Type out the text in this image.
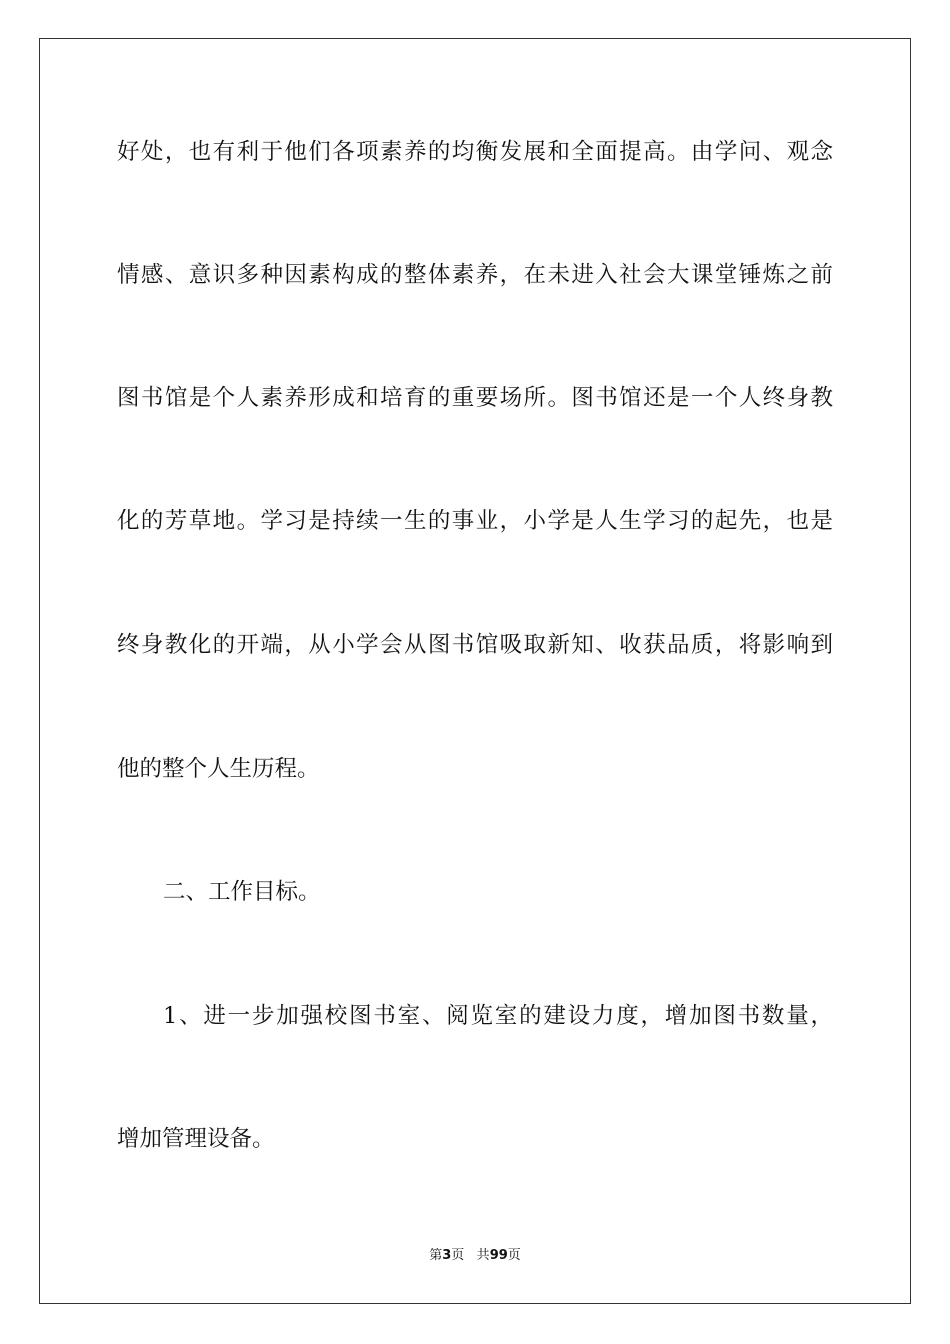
好处，也有利于他们各项素养的均衡发展和全面提高。由学问、观念
情感、意识多种因素构成的整体素养，在未进入社会大课堂锤炼之前
图书馆是个人素养形成和培育的重要场所。图书馆还是一个人终身教
化的芳草地。学习是持续一生的事业，小学是人生学习的起先，也是
终身教化的开端，从小学会从图书馆吸取新知、收获品质，将影响到
他的整个人生历程。
二、工作目标。
1、进一步加强校图书室、阅览室的建设力度，增加图书数量，
增加管理设备。
第3页 共99页
